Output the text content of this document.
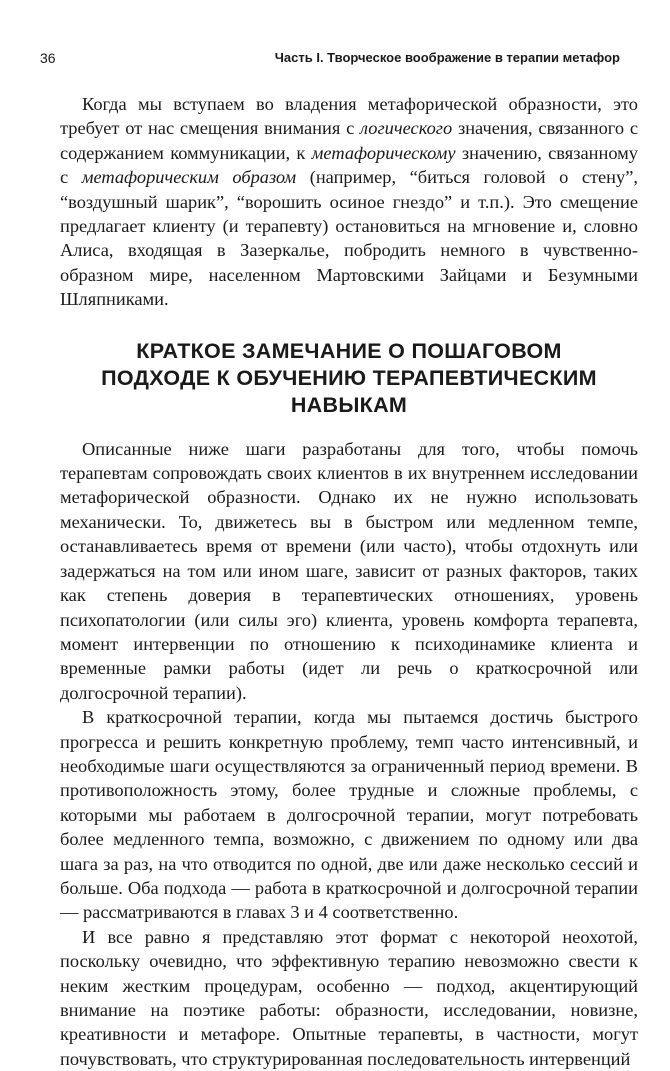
36	Часть I. Творческое воображение в терапии метафор

Когда мы вступаем во владения метафорической образности, это требует от нас смещения внимания с логического значения, связанного с содержанием коммуникации, к метафорическому значению, связанному с метафорическим образом (например, “биться головой о стену”, “воздушный шарик”, “ворошить осиное гнездо” и т.п.). Это смещение предлагает клиенту (и терапевту) остановиться на мгновение и, словно Алиса, входящая в Зазеркалье, побродить немного в чувственно-образном мире, населенном Мартовскими Зайцами и Безумными Шляпниками.

КРАТКОЕ ЗАМЕЧАНИЕ О ПОШАГОВОМ
ПОДХОДЕ К ОБУЧЕНИЮ ТЕРАПЕВТИЧЕСКИМ
НАВЫКАМ

Описанные ниже шаги разработаны для того, чтобы помочь терапевтам сопровождать своих клиентов в их внутреннем исследовании метафорической образности. Однако их не нужно использовать механически. То, движетесь вы в быстром или медленном темпе, останавливаетесь время от времени (или часто), чтобы отдохнуть или задержаться на том или ином шаге, зависит от разных факторов, таких как степень доверия в терапевтических отношениях, уровень психопатологии (или силы эго) клиента, уровень комфорта терапевта, момент интервенции по отношению к психодинамике клиента и временные рамки работы (идет ли речь о краткосрочной или долгосрочной терапии).

В краткосрочной терапии, когда мы пытаемся достичь быстрого прогресса и решить конкретную проблему, темп часто интенсивный, и необходимые шаги осуществляются за ограниченный период времени. В противоположность этому, более трудные и сложные проблемы, с которыми мы работаем в долгосрочной терапии, могут потребовать более медленного темпа, возможно, с движением по одному или два шага за раз, на что отводится по одной, две или даже несколько сессий и больше. Оба подхода — работа в краткосрочной и долгосрочной терапии — рассматриваются в главах 3 и 4 соответственно.

И все равно я представляю этот формат с некоторой неохотой, поскольку очевидно, что эффективную терапию невозможно свести к неким жестким процедурам, особенно — подход, акцентирующий внимание на поэтике работы: образности, исследовании, новизне, креативности и метафоре. Опытные терапевты, в частности, могут почувствовать, что структурированная последовательность интервенций
